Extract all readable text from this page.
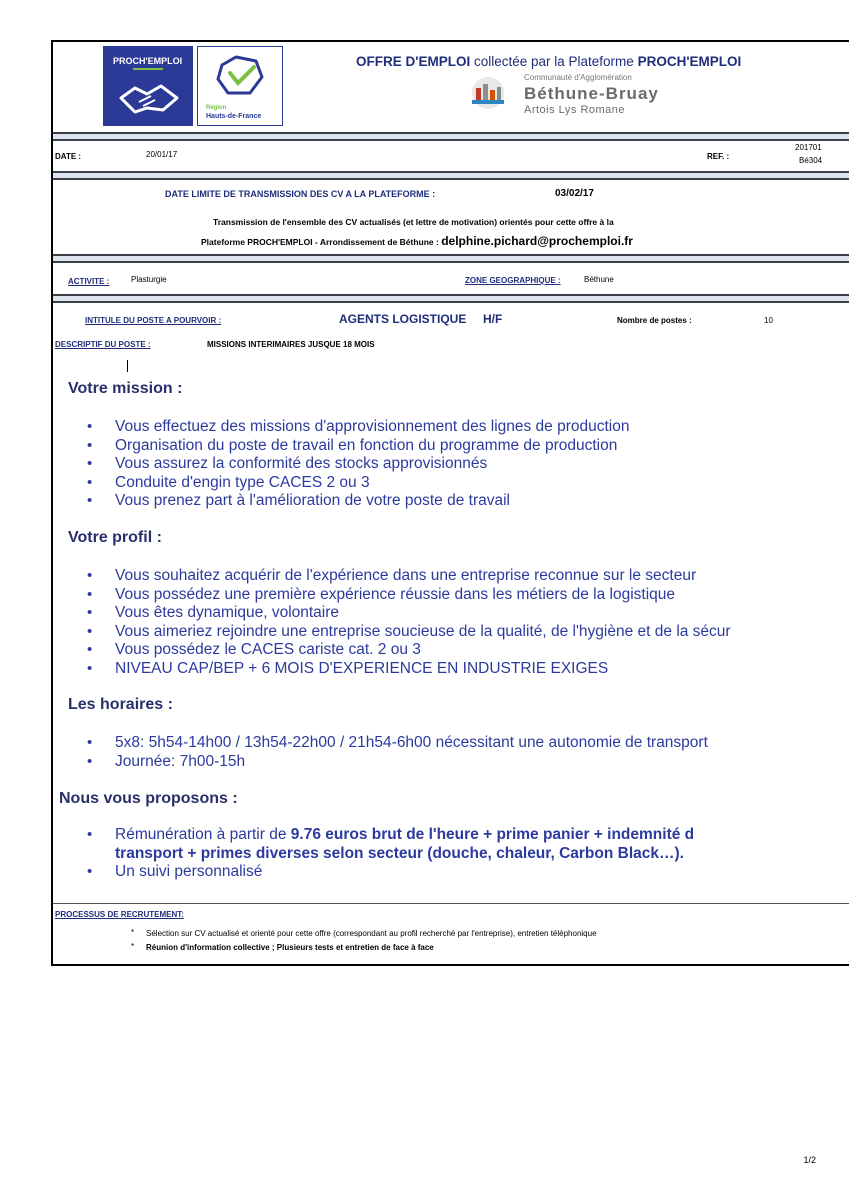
PROCH'EMPLOI
Région
Hauts-de-France
OFFRE D'EMPLOI collectée par la Plateforme PROCH'EMPLOI
Communauté d'Agglomération
Béthune-Bruay
Artois Lys Romane
DATE :	20/01/17	REF. :
201701
Bé304
DATE LIMITE DE TRANSMISSION DES CV A LA PLATEFORME :	03/02/17
Transmission de l'ensemble des CV actualisés (et lettre de motivation) orientés pour cette offre à la
Plateforme PROCH'EMPLOI - Arrondissement de Béthune : delphine.pichard@prochemploi.fr
ACTIVITE :	Plasturgie	ZONE GEOGRAPHIQUE :	Béthune
INTITULE DU POSTE A POURVOIR :	AGENTS LOGISTIQUE     H/F	Nombre de postes :	10
DESCRIPTIF DU POSTE :	MISSIONS INTERIMAIRES JUSQUE 18 MOIS
Votre mission :
• Vous effectuez des missions d'approvisionnement des lignes de production
• Organisation du poste de travail en fonction du programme de production
• Vous assurez la conformité des stocks approvisionnés
• Conduite d'engin type CACES 2 ou 3
• Vous prenez part à l'amélioration de votre poste de travail
Votre profil :
• Vous souhaitez acquérir de l'expérience dans une entreprise reconnue sur le secteur
• Vous possédez une première expérience réussie dans les métiers de la logistique
• Vous êtes dynamique, volontaire
• Vous aimeriez rejoindre une entreprise soucieuse de la qualité, de l'hygiène et de la sécur
• Vous possédez le CACES cariste cat. 2 ou 3
• NIVEAU CAP/BEP + 6 MOIS D'EXPERIENCE EN INDUSTRIE EXIGES
Les horaires :
• 5x8: 5h54-14h00 / 13h54-22h00 / 21h54-6h00 nécessitant une autonomie de transport
• Journée: 7h00-15h
Nous vous proposons :
• Rémunération à partir de 9.76 euros brut de l'heure + prime panier + indemnité d
transport + primes diverses selon secteur (douche, chaleur, Carbon Black…).
• Un suivi personnalisé
PROCESSUS DE RECRUTEMENT:
* Sélection sur CV actualisé et orienté pour cette offre (correspondant au profil recherché par l'entreprise), entretien téléphonique
* Réunion d'information collective ; Plusieurs tests et entretien de face à face
1/2
